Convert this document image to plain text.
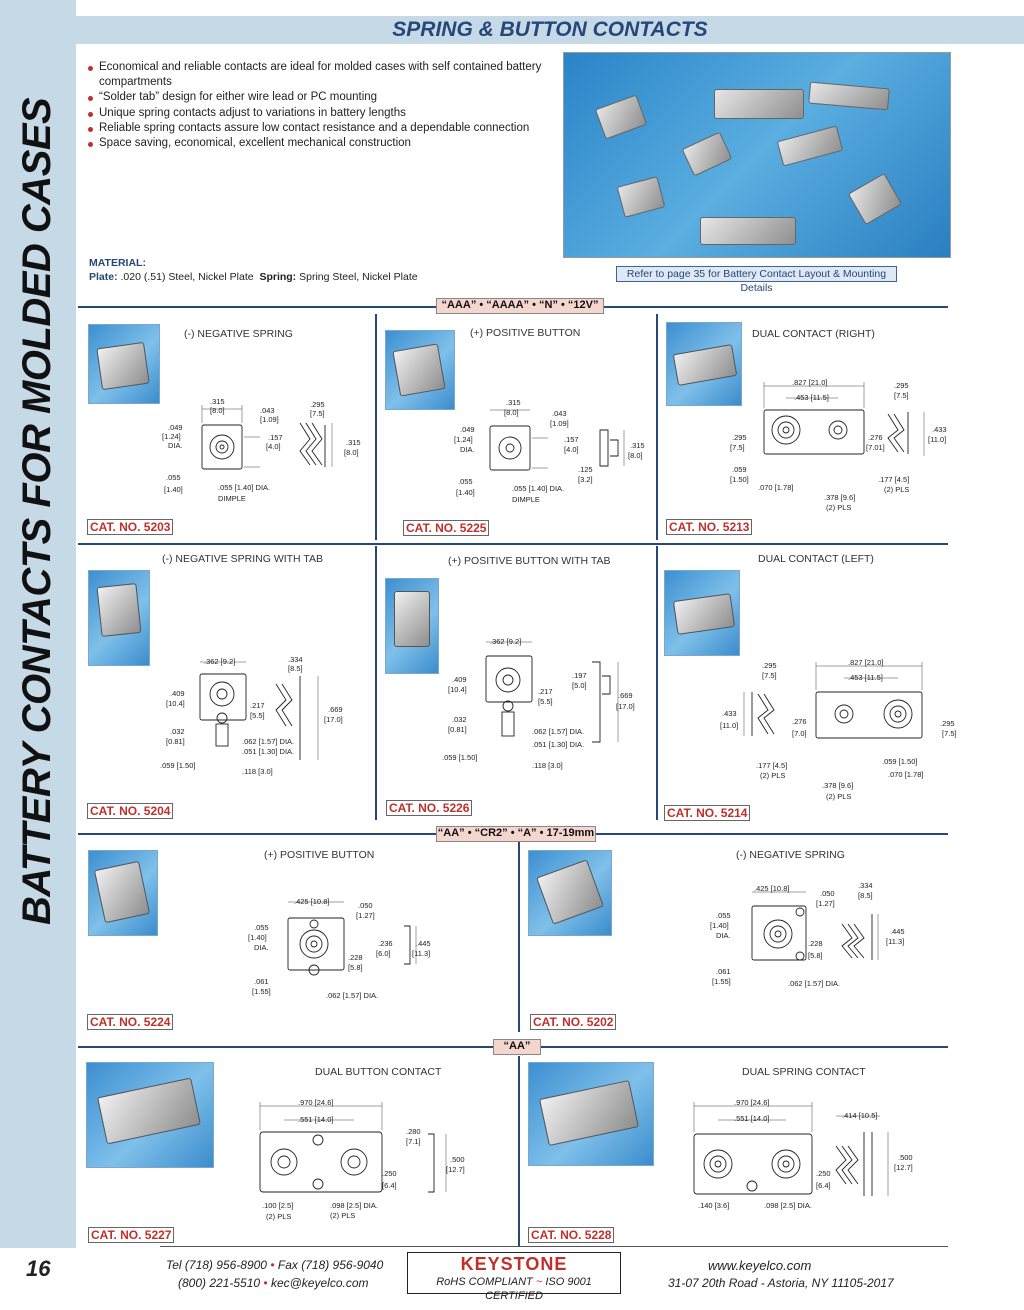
BATTERY CONTACTS FOR MOLDED CASES
SPRING & BUTTON CONTACTS
Economical and reliable contacts are ideal for molded cases with self contained battery compartments
“Solder tab” design for either wire lead or PC mounting
Unique spring contacts adjust to variations in battery lengths
Reliable spring contacts assure low contact resistance and a dependable connection
Space saving, economical, excellent mechanical construction
MATERIAL:
Plate: .020 (.51) Steel, Nickel Plate Spring: Spring Steel, Nickel Plate	Refer to page 35 for Battery Contact Layout & Mounting Details
“AAA” • “AAAA” • “N” • “12V”
“AA” • “CR2” • “A” • 17-19mm
“AA”
(-) NEGATIVE SPRING
.315
[8.0]	.043
[1.09]
.049
[1.24]
DIA.
.157
[4.0]
.295
[7.5]
.315
[8.0]
.055
[1.40]	.055 [1.40] DIA.
DIMPLE
CAT. NO. 5203
(+) POSITIVE BUTTON
.315
[8.0]	.043
[1.09]
.049
[1.24]
DIA.
.157
[4.0]	.315
[8.0]
.125
[3.2]
.055
[1.40]	.055 [1.40] DIA.
DIMPLE
CAT. NO. 5225
DUAL CONTACT (RIGHT)
.827 [21.0]
.453 [11.5]
.295
[7.5]
.433
[11.0]
.295
[7.5]
.276
[7.01]
.059
[1.50]
.070 [1.78]
.177 [4.5]
(2) PLS
.378 [9.6]
(2) PLS
CAT. NO. 5213
(-) NEGATIVE SPRING WITH TAB
.362 [9.2]	.334
[8.5]
.409
[10.4]	.217
[5.5]
.669
[17.0]
.032
[0.81]	.062 [1.57] DIA.
.051 [1.30] DIA.
.059 [1.50]
.118 [3.0]
CAT. NO. 5204
(+) POSITIVE BUTTON WITH TAB
.362 [9.2]
.197
[5.0]
.409
[10.4]	.217
[5.5]
.669
[17.0]
.032
[0.81]	.062 [1.57] DIA.
.051 [1.30] DIA.
.059 [1.50]
.118 [3.0]
CAT. NO. 5226
DUAL CONTACT (LEFT)
.827 [21.0]
.453 [11.5]
.295
[7.5]
.433
[11.0]	.276
[7.0]
.295
[7.5]
.177 [4.5]
(2) PLS
.059 [1.50]
.070 [1.78]
.378 [9.6]
(2) PLS
CAT. NO. 5214
(+) POSITIVE BUTTON
.425 [10.8]	.050
[1.27]
.055
[1.40]
DIA.	.236
[6.0]
.445
[11.3]
.228
[5.8]
.061
[1.55]	.062 [1.57] DIA.
CAT. NO. 5224
(-) NEGATIVE SPRING
.425 [10.8]
.050
[1.27]
.334
[8.5]
.055
[1.40]
DIA.	.445
[11.3]
.228
[5.8]
.061
[1.55]	.062 [1.57] DIA.
CAT. NO. 5202
DUAL BUTTON CONTACT
.970 [24.6]
.551 [14.0]
.280
[7.1]
.500
[12.7]
.250
[6.4]
.100 [2.5]
(2) PLS
.098 [2.5] DIA.
(2) PLS
CAT. NO. 5227
DUAL SPRING CONTACT
.970 [24.6]
.551 [14.0]	.414 [10.5]
.500
[12.7]
.250
[6.4]
.140 [3.6]	.098 [2.5] DIA.
CAT. NO. 5228
16	Tel (718) 956-8900 • Fax (718) 956-9040
(800) 221-5510 • kec@keyelco.com
KEYSTONE
RoHS COMPLIANT ~ ISO 9001 CERTIFIED
www.keyelco.com
31-07 20th Road - Astoria, NY 11105-2017
